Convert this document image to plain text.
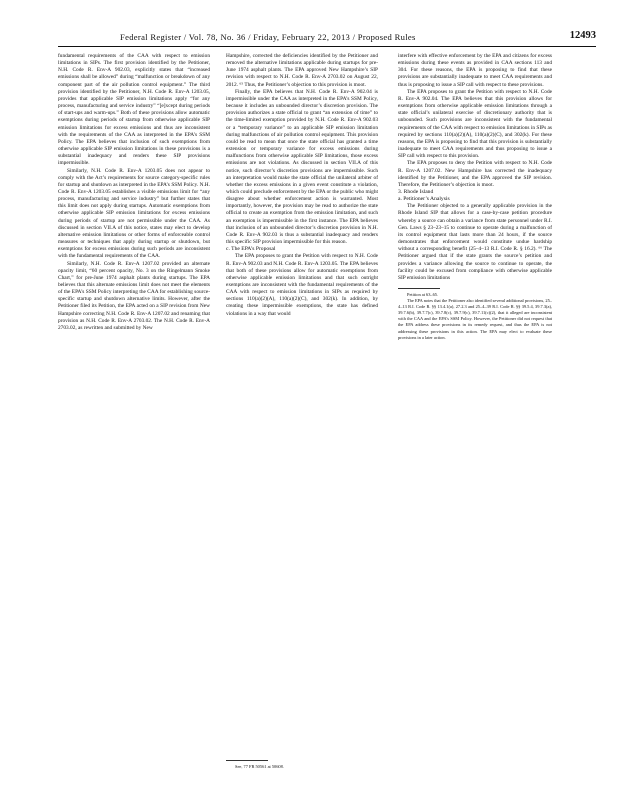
Federal Register / Vol. 78, No. 36 / Friday, February 22, 2013 / Proposed Rules	12493

fundamental requirements of the CAA with respect to emission limitations in SIPs. The first provision identified by the Petitioner, N.H. Code R. Env-A 902.03, explicitly states that “increased emissions shall be allowed” during “malfunction or breakdown of any component part of the air pollution control equipment.” The third provision identified by the Petitioner, N.H. Code R. Env-A 1203.05, provides that applicable SIP emission limitations apply “for any process, manufacturing and service industry” “[e]xcept during periods of start-ups and warm-ups.” Both of these provisions allow automatic exemptions during periods of startup from otherwise applicable SIP emission limitations for excess emissions and thus are inconsistent with the requirements of the CAA as interpreted in the EPA’s SSM Policy. The EPA believes that inclusion of such exemptions from otherwise applicable SIP emission limitations in these provisions is a substantial inadequacy and renders these SIP provisions impermissible.

Similarly, N.H. Code R. Env-A 1203.05 does not appear to comply with the Act’s requirements for source category-specific rules for startup and shutdown as interpreted in the EPA’s SSM Policy. N.H. Code R. Env-A 1203.05 establishes a visible emissions limit for “any process, manufacturing and service industry” but further states that this limit does not apply during startups. Automatic exemptions from otherwise applicable SIP emission limitations for excess emissions during periods of startup are not permissible under the CAA. As discussed in section VII.A of this notice, states may elect to develop alternative emission limitations or other forms of enforceable control measures or techniques that apply during startup or shutdown, but exemptions for excess emissions during such periods are inconsistent with the fundamental requirements of the CAA.

Similarly, N.H. Code R. Env-A 1207.02 provided an alternate opacity limit, “60 percent opacity, No. 3 on the Ringelmann Smoke Chart,” for pre-June 1974 asphalt plants during startups. The EPA believes that this alternate emissions limit does not meet the elements of the EPA’s SSM Policy interpreting the CAA for establishing source-specific startup and shutdown alternative limits. However, after the Petitioner filed its Petition, the EPA acted on a SIP revision from New Hampshire correcting N.H. Code R. Env-A 1207.02 and renaming that provision as N.H. Code R. Env-A 2703.02. The N.H. Code R. Env-A 2703.02, as rewritten and submitted by New

Hampshire, corrected the deficiencies identified by the Petitioner and removed the alternative limitations applicable during startups for pre-June 1974 asphalt plants. The EPA approved New Hampshire’s SIP revision with respect to N.H. Code R. Env-A 2703.02 on August 22, 2012. ⁶⁵ Thus, the Petitioner’s objection to this provision is moot.

Finally, the EPA believes that N.H. Code R. Env-A 902.04 is impermissible under the CAA as interpreted in the EPA’s SSM Policy, because it includes an unbounded director’s discretion provision. The provision authorizes a state official to grant “an extension of time” to the time-limited exemption provided by N.H. Code R. Env-A 902.03 or a “temporary variance” to an applicable SIP emission limitation during malfunctions of air pollution control equipment. This provision could be read to mean that once the state official has granted a time extension or temporary variance for excess emissions during malfunctions from otherwise applicable SIP limitations, those excess emissions are not violations. As discussed in section VII.A of this notice, such director’s discretion provisions are impermissible. Such an interpretation would make the state official the unilateral arbiter of whether the excess emissions in a given event constitute a violation, which could preclude enforcement by the EPA or the public who might disagree about whether enforcement action is warranted. Most importantly, however, the provision may be read to authorize the state official to create an exemption from the emission limitation, and such an exemption is impermissible in the first instance. The EPA believes that inclusion of an unbounded director’s discretion provision in N.H. Code R. Env-A 902.03 is thus a substantial inadequacy and renders this specific SIP provision impermissible for this reason.

c. The EPA’s Proposal

The EPA proposes to grant the Petition with respect to N.H. Code R. Env-A 902.03 and N.H. Code R. Env-A 1203.05. The EPA believes that both of these provisions allow for automatic exemptions from otherwise applicable emission limitations and that such outright exemptions are inconsistent with the fundamental requirements of the CAA with respect to emission limitations in SIPs as required by sections 110(a)(2)(A), 110(a)(2)(C), and 302(k). In addition, by creating these impermissible exemptions, the state has defined violations in a way that would

interfere with effective enforcement by the EPA and citizens for excess emissions during these events as provided in CAA sections 113 and 304. For these reasons, the EPA is proposing to find that these provisions are substantially inadequate to meet CAA requirements and thus is proposing to issue a SIP call with respect to these provisions.

The EPA proposes to grant the Petition with respect to N.H. Code R. Env-A 902.04. The EPA believes that this provision allows for exemptions from otherwise applicable emission limitations through a state official’s unilateral exercise of discretionary authority that is unbounded. Such provisions are inconsistent with the fundamental requirements of the CAA with respect to emission limitations in SIPs as required by sections 110(a)(2)(A), 110(a)(2)(C), and 302(k). For these reasons, the EPA is proposing to find that this provision is substantially inadequate to meet CAA requirements and thus proposing to issue a SIP call with respect to this provision.

The EPA proposes to deny the Petition with respect to N.H. Code R. Env-A 1207.02. New Hampshire has corrected the inadequacy identified by the Petitioner, and the EPA approved the SIP revision. Therefore, the Petitioner’s objection is moot.

3. Rhode Island

a. Petitioner’s Analysis

The Petitioner objected to a generally applicable provision in the Rhode Island SIP that allows for a case-by-case petition procedure whereby a source can obtain a variance from state personnel under R.I. Gen. Laws § 23–23–15 to continue to operate during a malfunction of its control equipment that lasts more than 24 hours, if the source demonstrates that enforcement would constitute undue hardship without a corresponding benefit (25–4–13 R.I. Code R. § 16.2). ⁶⁶ The Petitioner argued that if the state grants the source’s petition and provides a variance allowing the source to continue to operate, the facility could be excused from compliance with otherwise applicable SIP emission limitations

Petition at 63–65.

The EPA notes that the Petitioner also identified several additional provisions, 25–4–13 R.I. Code R. §§ 13.4.1(a), 27.2.3 and 25–4–39 R.I. Code R. §§ 39.5.4, 39.7.3(a), 39.7.6(b), 39.7.7(c), 39.7.8(c), 39.7.9(c), 39.7.11(c)(2), that it alleged are inconsistent with the CAA and the EPA’s SSM Policy. However, the Petitioner did not request that the EPA address these provisions in its remedy request, and thus the EPA is not addressing these provisions in this action. The EPA may elect to evaluate these provisions in a later action.

See, 77 FR 50561 at 50608.
